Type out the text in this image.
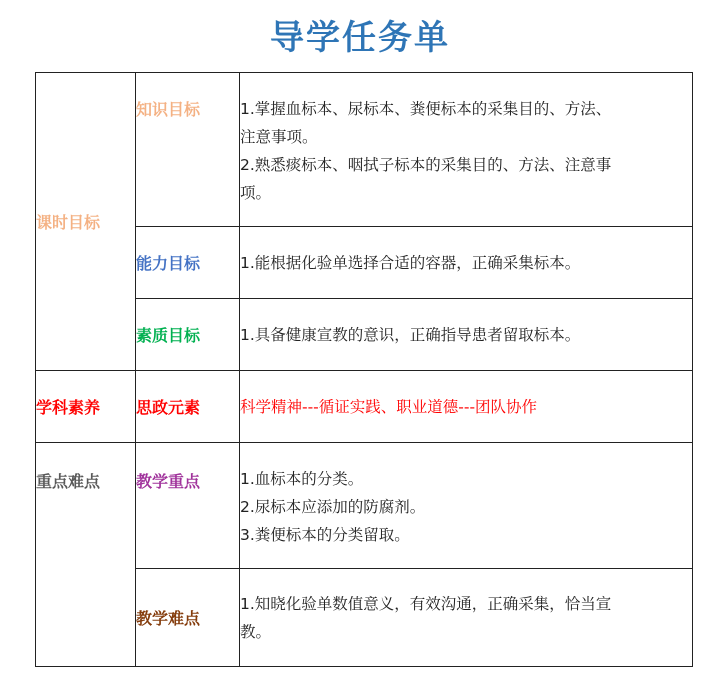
导学任务单
课时目标	知识目标	1.掌握血标本、尿标本、粪便标本的采集目的、方法、
注意事项。
2.熟悉痰标本、咽拭子标本的采集目的、方法、注意事
项。

	能力目标	1.能根据化验单选择合适的容器，正确采集标本。

	素质目标	1.具备健康宣教的意识，正确指导患者留取标本。

学科素养	思政元素	科学精神---循证实践、职业道德---团队协作

重点难点	教学重点	1.血标本的分类。
2.尿标本应添加的防腐剂。
3.粪便标本的分类留取。

	教学难点	1.知晓化验单数值意义，有效沟通，正确采集，恰当宣
教。
